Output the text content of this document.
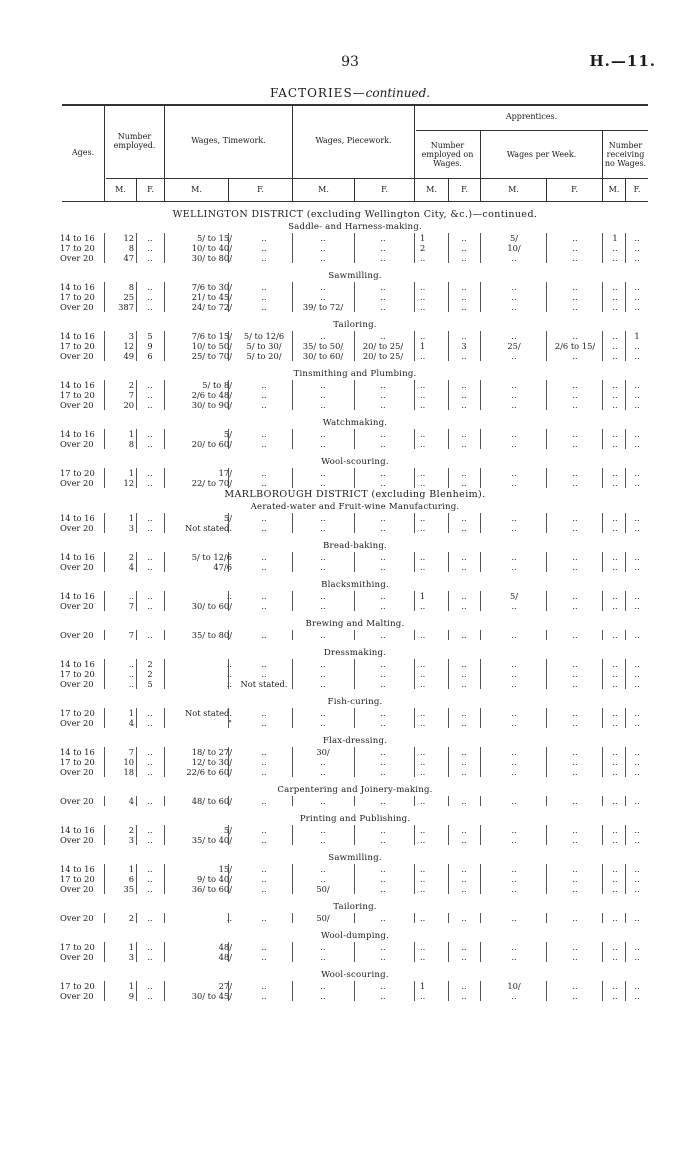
93	H.—11.
FACTORIES—continued.
Ages.
Number employed.
Wages, Timework.	Wages, Piecework.
Apprentices.
Number employed on Wages.
Wages per Week.
Number receiving no Wages.
M.	F.	M.	F.	M.	F.	M.	F.	M.	F.	M.	F.
WELLINGTON DISTRICT (excluding Wellington City, &c.)—continued.
Saddle- and Harness-making.
14 to 16	12	..	5/ to 15/	..	..	..	1	..	5/	..	1	..
17 to 20	8	..	10/ to 40/	..	..	..	2	..	10/	..	..	..
Over 20	47	..	30/ to 80/	..	..	..	..	..	..	..	..	..
Sawmilling.
14 to 16	8	..	7/6 to 30/	..	..	..	..	..	..	..	..	..
17 to 20	25	..	21/ to 45/	..	..	..	..	..	..	..	..	..
Over 20	387	..	24/ to 72/	..	39/ to 72/	..	..	..	..	..	..	..
Tailoring.
14 to 16	3	5	7/6 to 15/	5/ to 12/6	..	..	..	..	..	..	..	1
17 to 20	12	9	10/ to 50/	5/ to 30/	35/ to 50/	20/ to 25/	1	3	25/	2/6 to 15/	..	..
Over 20	49	6	25/ to 70/	5/ to 20/	30/ to 60/	20/ to 25/	..	..	..	..	..	..
Tinsmithing and Plumbing.
14 to 16	2	..	5/ to 8/	..	..	..	..	..	..	..	..	..
17 to 20	7	..	2/6 to 48/	..	..	..	..	..	..	..	..	..
Over 20	20	..	30/ to 90/	..	..	..	..	..	..	..	..	..
Watchmaking.
14 to 16	1	..	5/	..	..	..	..	..	..	..	..	..
Over 20	8	..	20/ to 60/	..	..	..	..	..	..	..	..	..
Wool-scouring.
17 to 20	1	..	17/	..	..	..	..	..	..	..	..	..
Over 20	12	..	22/ to 70/	..	..	..	..	..	..	..	..	..
MARLBOROUGH DISTRICT (excluding Blenheim).
Aerated-water and Fruit-wine Manufacturing.
14 to 16	1	..	5/	..	..	..	..	..	..	..	..	..
Over 20	3	..	Not stated.	..	..	..	..	..	..	..	..	..
Bread-baking.
14 to 16	2	..	5/ to 12/6	..	..	..	..	..	..	..	..	..
Over 20	4	..	47/6	..	..	..	..	..	..	..	..	..
Blacksmithing.
14 to 16	..	..	..	..	..	..	1	..	5/	..	..	..
Over 20	7	..	30/ to 60/	..	..	..	..	..	..	..	..	..
Brewing and Malting.
Over 20	7	..	35/ to 80/	..	..	..	..	..	..	..	..	..
Dressmaking.
14 to 16	..	2	..	..	..	..	..	..	..	..	..	..
17 to 20	..	2	..	..	..	..	..	..	..	..	..	..
Over 20	..	5	..	Not stated.	..	..	..	..	..	..	..	..
Fish-curing.
17 to 20	1	..	Not stated.	..	..	..	..	..	..	..	..	..
Over 20	4	..	"	..	..	..	..	..	..	..	..	..
Flax-dressing.
14 to 16	7	..	18/ to 27/	..	30/	..	..	..	..	..	..	..
17 to 20	10	..	12/ to 30/	..	..	..	..	..	..	..	..	..
Over 20	18	..	22/6 to 60/	..	..	..	..	..	..	..	..	..
Carpentering and Joinery-making.
Over 20	4	..	48/ to 60/	..	..	..	..	..	..	..	..	..
Printing and Publishing.
14 to 16	2	..	5/	..	..	..	..	..	..	..	..	..
Over 20	3	..	35/ to 40/	..	..	..	..	..	..	..	..	..
Sawmilling.
14 to 16	1	..	15/	..	..	..	..	..	..	..	..	..
17 to 20	6	..	9/ to 40/	..	..	..	..	..	..	..	..	..
Over 20	35	..	36/ to 60/	..	50/	..	..	..	..	..	..	..
Tailoring.
Over 20	2	..	..	..	50/	..	..	..	..	..	..	..
Wool-dumping.
17 to 20	1	..	48/	..	..	..	..	..	..	..	..	..
Over 20	3	..	48/	..	..	..	..	..	..	..	..	..
Wool-scouring.
17 to 20	1	..	27/	..	..	..	1	..	10/	..	..	..
Over 20	9	..	30/ to 45/	..	..	..	..	..	..	..	..	..
